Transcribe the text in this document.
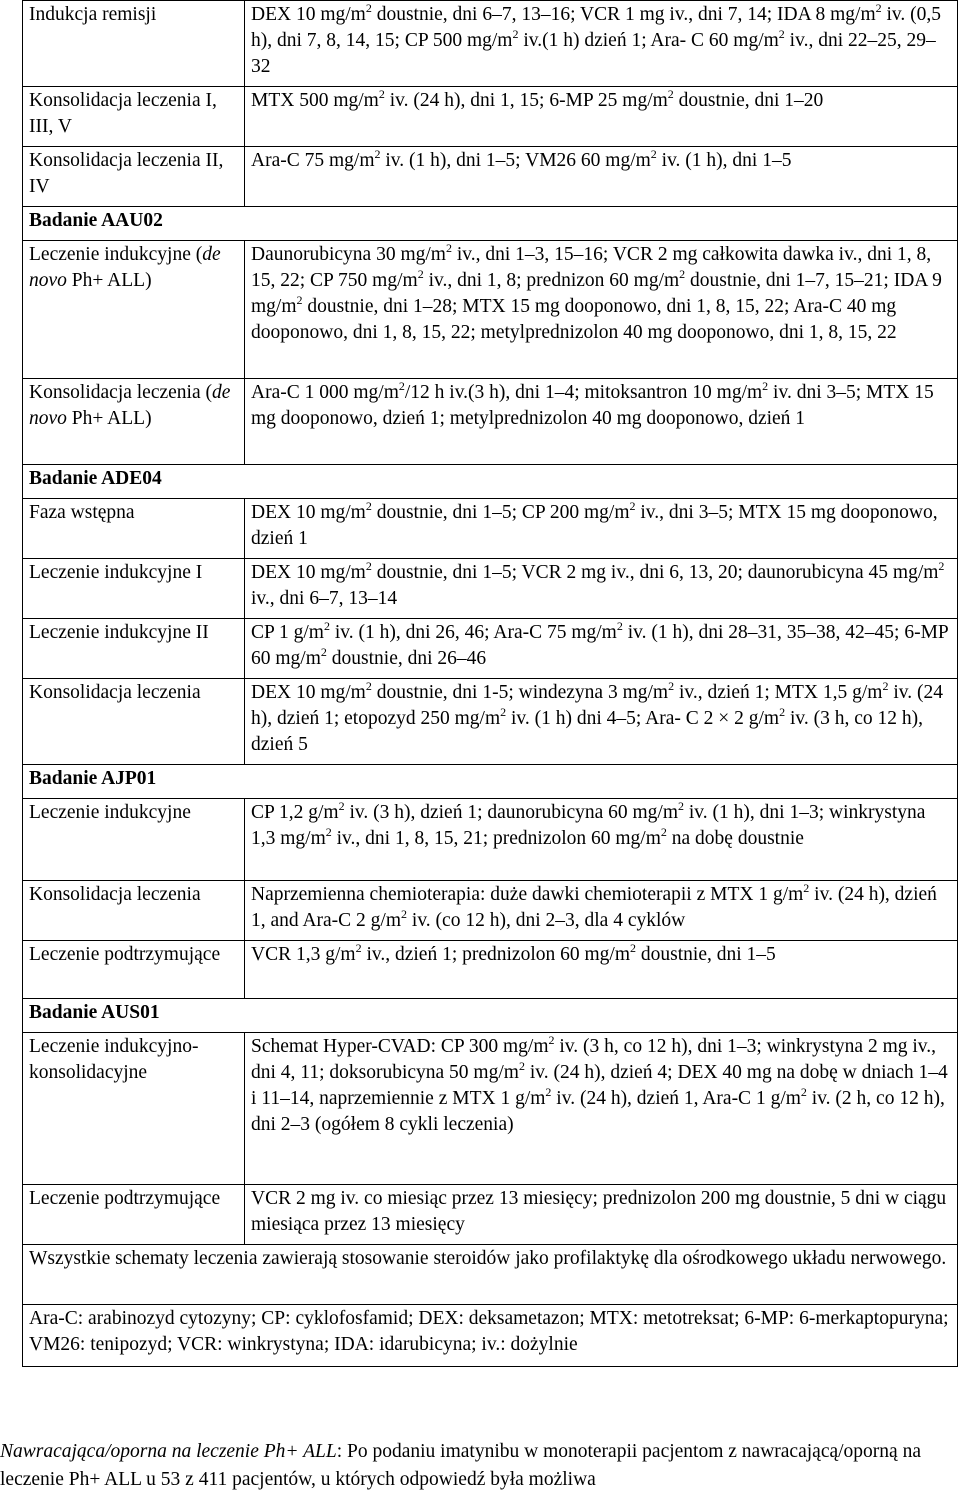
Indukcja remisji	DEX 10 $mg/m^2$ doustnie, dni 6–7, 13–16; VCR 1 mg iv., dni 7, 14; IDA 8 $mg/m^2$ iv. (0,5 h), dni 7, 8, 14, 15; CP 500 $mg/m^2$ iv.(1 h) dzień 1; Ara- C 60 $mg/m^2$ iv., dni 22–25, 29–32
Konsolidacja leczenia I, III, V	MTX 500 $mg/m^2$ iv. (24 h), dni 1, 15; 6-MP 25 $mg/m^2$ doustnie, dni 1–20
Konsolidacja leczenia II, IV	Ara-C 75 $mg/m^2$ iv. (1 h), dni 1–5; VM26 60 $mg/m^2$ iv. (1 h), dni 1–5
Badanie AAU02	
Leczenie indukcyjne (de novo Ph+ ALL)	Daunorubicyna 30 $mg/m^2$ iv., dni 1–3, 15–16; VCR 2 mg całkowita dawka iv., dni 1, 8, 15, 22; CP 750 $mg/m^2$ iv., dni 1, 8; prednizon 60 $mg/m^2$ doustnie, dni 1–7, 15–21; IDA 9 $mg/m^2$ doustnie, dni 1–28; MTX 15 mg dooponowo, dni 1, 8, 15, 22; Ara-C 40 mg dooponowo, dni 1, 8, 15, 22; metylprednizolon 40 mg dooponowo, dni 1, 8, 15, 22
Konsolidacja leczenia (de novo Ph+ ALL)	Ara-C 1 000 $mg/m^2/12$ h iv.(3 h), dni 1–4; mitoksantron 10 $mg/m^2$ iv. dni 3–5; MTX 15 mg dooponowo, dzień 1; metylprednizolon 40 mg dooponowo, dzień 1
Badanie ADE04	
Faza wstępna	DEX 10 $mg/m^2$ doustnie, dni 1–5; CP 200 $mg/m^2$ iv., dni 3–5; MTX 15 mg dooponowo, dzień 1
Leczenie indukcyjne I	DEX 10 $mg/m^2$ doustnie, dni 1–5; VCR 2 mg iv., dni 6, 13, 20; daunorubicyna 45 $mg/m^2$ iv., dni 6–7, 13–14
Leczenie indukcyjne II	CP 1 $g/m^2$ iv. (1 h), dni 26, 46; Ara-C 75 $mg/m^2$ iv. (1 h), dni 28–31, 35–38, 42–45; 6-MP 60 $mg/m^2$ doustnie, dni 26–46
Konsolidacja leczenia	DEX 10 $mg/m^2$ doustnie, dni 1-5; windezyna 3 $mg/m^2$ iv., dzień 1; MTX 1,5 $g/m^2$ iv. (24 h), dzień 1; etopozyd 250 $mg/m^2$ iv. (1 h) dni 4–5; Ara- C 2 × 2 $g/m^2$ iv. (3 h, co 12 h), dzień 5
Badanie AJP01	
Leczenie indukcyjne	CP 1,2 $g/m^2$ iv. (3 h), dzień 1; daunorubicyna 60 $mg/m^2$ iv. (1 h), dni 1–3; winkrystyna 1,3 $mg/m^2$ iv., dni 1, 8, 15, 21; prednizolon 60 $mg/m^2$ na dobę doustnie
Konsolidacja leczenia	Naprzemienna chemioterapia: duże dawki chemioterapii z MTX 1 $g/m^2$ iv. (24 h), dzień 1, and Ara-C 2 $g/m^2$ iv. (co 12 h), dni 2–3, dla 4 cyklów
Leczenie podtrzymujące	VCR 1,3 $g/m^2$ iv., dzień 1; prednizolon 60 $mg/m^2$ doustnie, dni 1–5
Badanie AUS01	
Leczenie indukcyjno-konsolidacyjne	Schemat Hyper-CVAD: CP 300 $mg/m^2$ iv. (3 h, co 12 h), dni 1–3; winkrystyna 2 mg iv., dni 4, 11; doksorubicyna 50 $mg/m^2$ iv. (24 h), dzień 4; DEX 40 mg na dobę w dniach 1–4 i 11–14, naprzemiennie z MTX 1 $g/m^2$ iv. (24 h), dzień 1, Ara-C 1 $g/m^2$ iv. (2 h, co 12 h), dni 2–3 (ogółem 8 cykli leczenia)
Leczenie podtrzymujące	VCR 2 mg iv. co miesiąc przez 13 miesięcy; prednizolon 200 mg doustnie, 5 dni w ciągu miesiąca przez 13 miesięcy
Wszystkie schematy leczenia zawierają stosowanie steroidów jako profilaktykę dla ośrodkowego układu nerwowego.	
Ara-C: arabinozyd cytozyny; CP: cyklofosfamid; DEX: deksametazon; MTX: metotreksat; 6-MP: 6-merkaptopuryna; VM26: tenipozyd; VCR: winkrystyna; IDA: idarubicyna; iv.: dożylnie	
Nawracająca/oporna na leczenie Ph+ ALL: Po podaniu imatynibu w monoterapii pacjentom z nawracającą/oporną na leczenie Ph+ ALL u 53 z 411 pacjentów, u których odpowiedź była możliwa
